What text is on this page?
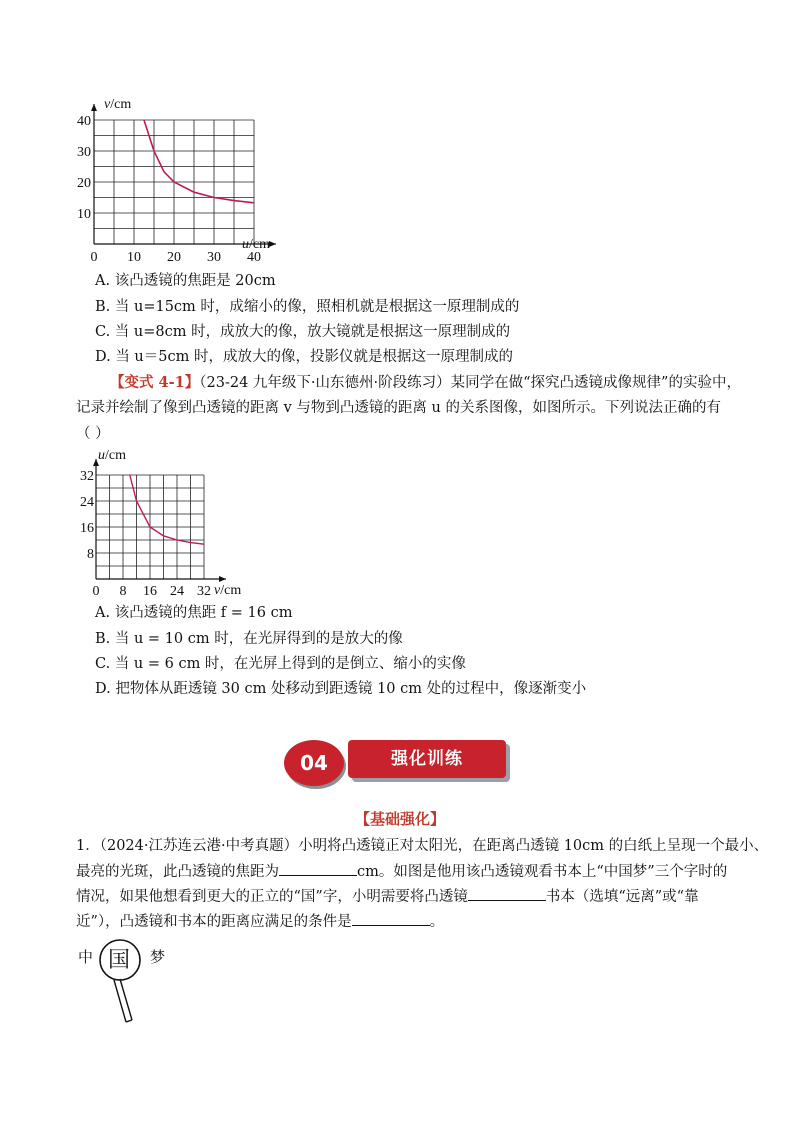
0 10 20 30 40
10
20
30
40
v/cm
u/cm
A. 该凸透镜的焦距是 20cm
B. 当 u=15cm 时，成缩小的像，照相机就是根据这一原理制成的
C. 当 u=8cm 时，成放大的像，放大镜就是根据这一原理制成的
D. 当 u＝5cm 时，成放大的像，投影仪就是根据这一原理制成的
【变式 4-1】（23-24 九年级下·山东德州·阶段练习）某同学在做“探究凸透镜成像规律”的实验中，
记录并绘制了像到凸透镜的距离 v 与物到凸透镜的距离 u 的关系图像，如图所示。下列说法正确的有
（ ）
0 8 16 24 32
8
16
24
32
u/cm
v/cm
A. 该凸透镜的焦距 f = 16 cm
B. 当 u = 10 cm 时，在光屏得到的是放大的像
C. 当 u = 6 cm 时，在光屏上得到的是倒立、缩小的实像
D. 把物体从距透镜 30 cm 处移动到距透镜 10 cm 处的过程中，像逐渐变小
强化训练
04
【基础强化】
1．（2024·江苏连云港·中考真题）小明将凸透镜正对太阳光，在距离凸透镜 10cm 的白纸上呈现一个最小、
最亮的光斑，此凸透镜的焦距为	cm。如图是他用该凸透镜观看书本上“中国梦”三个字时的
情况，如果他想看到更大的正立的“国”字，小明需要将凸透镜	书本（选填“远离”或“靠
近”），凸透镜和书本的距离应满足的条件是	。
中 国 梦
